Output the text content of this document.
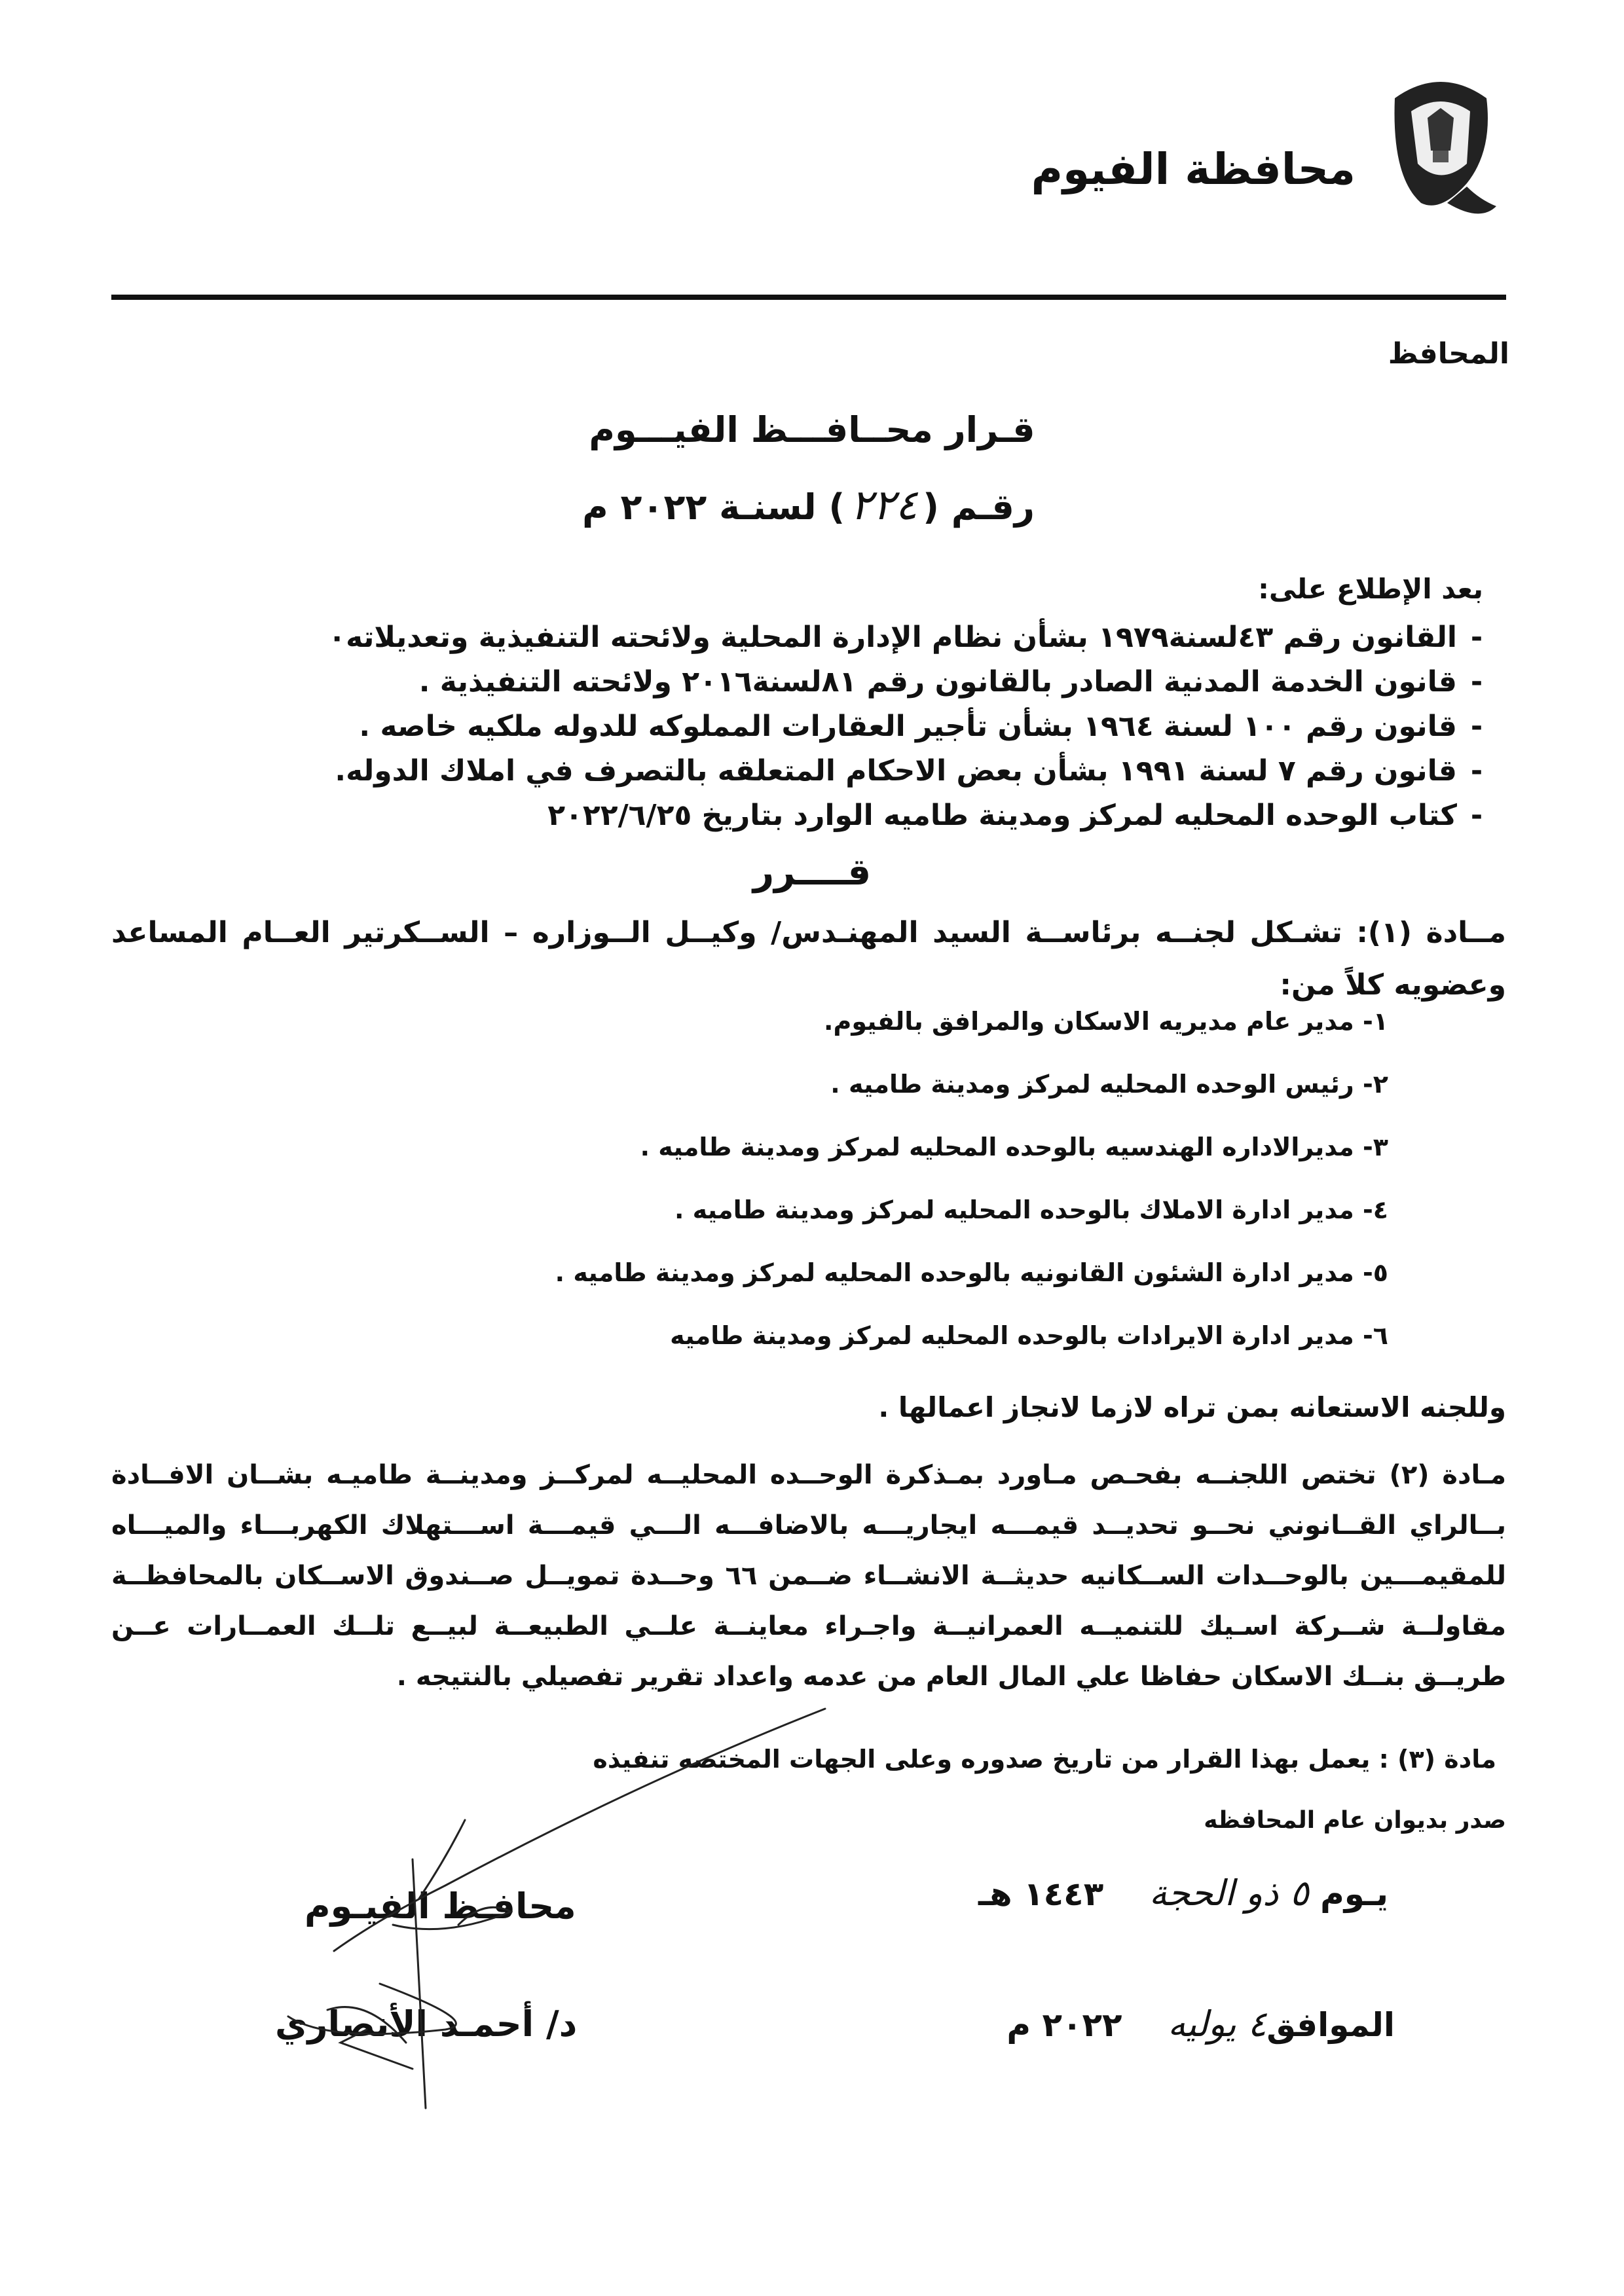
محافظة الفيوم
المحافظ
قـرار محــافـــظ الفيـــوم
رقـم (٢٢٤) لسنـة ٢٠٢٢ م
بعد الإطلاع على:
-القانون رقم ٤٣لسنة١٩٧٩ بشأن نظام الإدارة المحلية ولائحته التنفيذية وتعديلاته٠
-قانون الخدمة المدنية الصادر بالقانون رقم ٨١لسنة٢٠١٦ ولائحته التنفيذية .
-قانون رقم ١٠٠ لسنة ١٩٦٤ بشأن تأجير العقارات المملوكه للدوله ملكيه خاصه .
-قانون رقم ٧ لسنة ١٩٩١ بشأن بعض الاحكام المتعلقه بالتصرف في املاك الدوله.
-كتاب الوحده المحليه لمركز ومدينة طاميه الوارد بتاريخ ٢٠٢٢/٦/٢٥
قــــرر
مــادة (١): تشـكل لجنــه برئاســة السيد المهنـدس/ وكيــل الــوزاره – الســكرتير العــام المساعد وعضويه كلاً من:
١- مدير عام مديريه الاسكان والمرافق بالفيوم.
٢- رئيس الوحده المحليه لمركز ومدينة طاميه .
٣- مديرالاداره الهندسيه بالوحده المحليه لمركز ومدينة طاميه .
٤- مدير ادارة الاملاك بالوحده المحليه لمركز ومدينة طاميه .
٥- مدير ادارة الشئون القانونيه بالوحده المحليه لمركز ومدينة طاميه .
٦- مدير ادارة الايرادات بالوحده المحليه لمركز ومدينة طاميه
وللجنه الاستعانه بمن تراه لازما لانجاز اعمالها .
مـادة (٢) تختص اللجنــه بفحـص مـاورد بمـذكرة الوحــده المحليــه لمركــز ومدينــة طاميـه بشــان الافــادة بــالراي القــانوني نحــو تحديــد قيمـــه ايجاريـــه بالاضافـــه الـــي قيمـــة اســـتهلاك الكهربـــاء والميـــاه للمقيمـــين بالوحــدات الســكانيه حديثــة الانشــاء ضــمن ٦٦ وحــدة تمويــل صــندوق الاســكان بالمحافظــة مقاولــة شــركة اسـيك للتنميــه العمرانيــة واجـراء معاينــة علــي الطبيعــة لبيــع تلــك العمــارات عــن طريــق بنــك الاسكان حفاظا علي المال العام من عدمه واعداد تقرير تفصيلي بالنتيجه .
مادة (٣) : يعمل بهذا القرار من تاريخ صدوره وعلى الجهات المختصه تنفيذه
صدر بديوان عام المحافظه
يـوم ٥ ذو الحجة    ١٤٤٣ هـ
الموافق٤ يوليه    ٢٠٢٢ م
محافـظ الفيـوم
د/ أحمـد الأنصاري
